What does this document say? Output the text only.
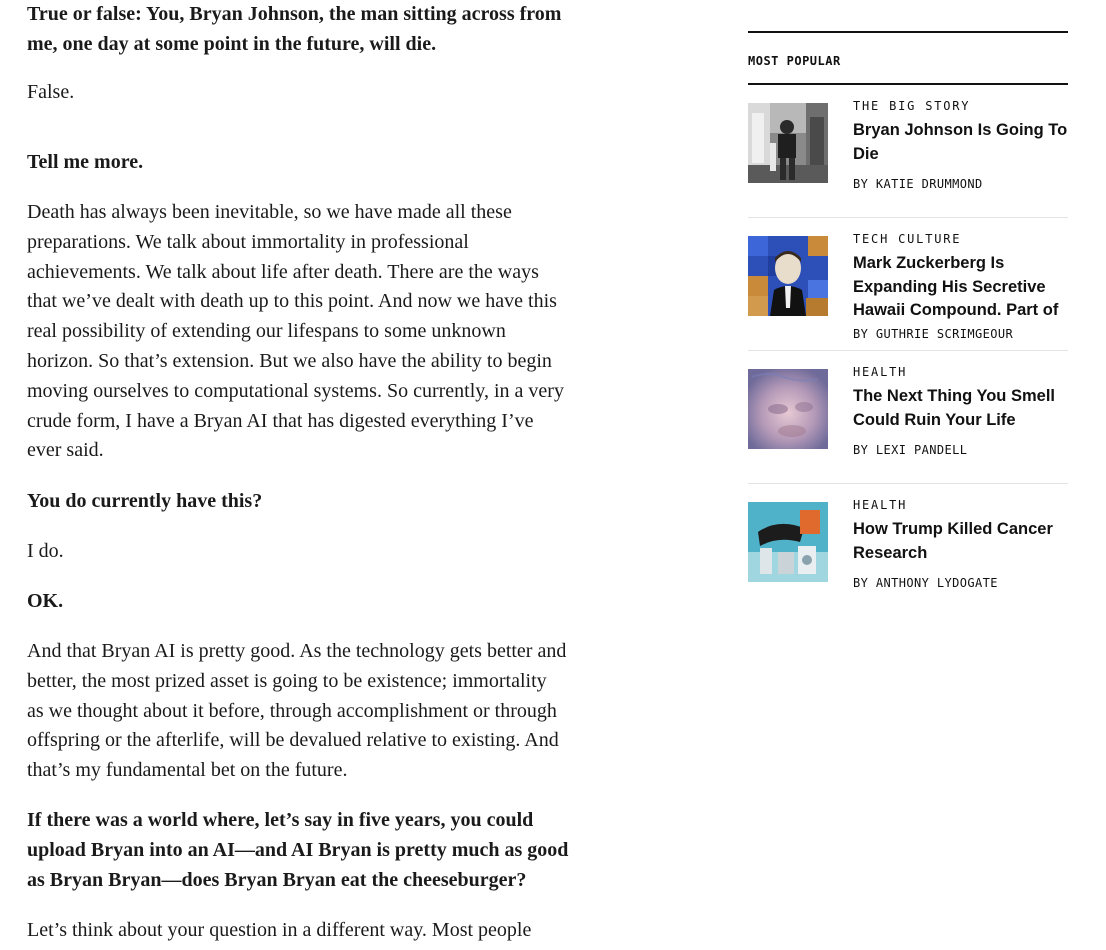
True or false: You, Bryan Johnson, the man sitting across from
me, one day at some point in the future, will die.

False.

Tell me more.

Death has always been inevitable, so we have made all these
preparations. We talk about immortality in professional
achievements. We talk about life after death. There are the ways
that we’ve dealt with death up to this point. And now we have this
real possibility of extending our lifespans to some unknown
horizon. So that’s extension. But we also have the ability to begin
moving ourselves to computational systems. So currently, in a very
crude form, I have a Bryan AI that has digested everything I’ve
ever said.

You do currently have this?

I do.

OK.

And that Bryan AI is pretty good. As the technology gets better and
better, the most prized asset is going to be existence; immortality
as we thought about it before, through accomplishment or through
offspring or the afterlife, will be devalued relative to existing. And
that’s my fundamental bet on the future.

If there was a world where, let’s say in five years, you could
upload Bryan into an AI—and AI Bryan is pretty much as good
as Bryan Bryan—does Bryan Bryan eat the cheeseburger?

Let’s think about your question in a different way. Most people

MOST POPULAR
THE BIG STORY
Bryan Johnson Is Going To
Die
BY KATIE DRUMMOND
TECH CULTURE
Mark Zuckerberg Is
Expanding His Secretive
Hawaii Compound. Part of
BY GUTHRIE SCRIMGEOUR
HEALTH
The Next Thing You Smell
Could Ruin Your Life
BY LEXI PANDELL
HEALTH
How Trump Killed Cancer
Research
BY ANTHONY LYDOGATE
